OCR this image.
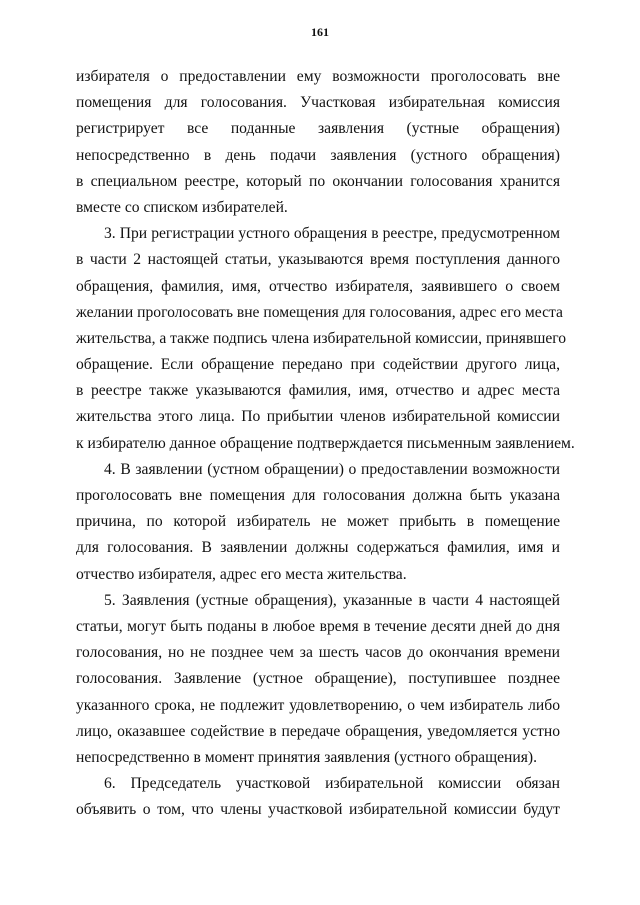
161
избирателя о предоставлении ему возможности проголосовать вне
помещения для голосования. Участковая избирательная комиссия
регистрирует все поданные заявления (устные обращения)
непосредственно в день подачи заявления (устного обращения)
в специальном реестре, который по окончании голосования хранится
вместе со списком избирателей.
3. При регистрации устного обращения в реестре, предусмотренном
в части 2 настоящей статьи, указываются время поступления данного
обращения, фамилия, имя, отчество избирателя, заявившего о своем
желании проголосовать вне помещения для голосования, адрес его места
жительства, а также подпись члена избирательной комиссии, принявшего
обращение. Если обращение передано при содействии другого лица,
в реестре также указываются фамилия, имя, отчество и адрес места
жительства этого лица. По прибытии членов избирательной комиссии
к избирателю данное обращение подтверждается письменным заявлением.
4. В заявлении (устном обращении) о предоставлении возможности
проголосовать вне помещения для голосования должна быть указана
причина, по которой избиратель не может прибыть в помещение
для голосования. В заявлении должны содержаться фамилия, имя и
отчество избирателя, адрес его места жительства.
5. Заявления (устные обращения), указанные в части 4 настоящей
статьи, могут быть поданы в любое время в течение десяти дней до дня
голосования, но не позднее чем за шесть часов до окончания времени
голосования. Заявление (устное обращение), поступившее позднее
указанного срока, не подлежит удовлетворению, о чем избиратель либо
лицо, оказавшее содействие в передаче обращения, уведомляется устно
непосредственно в момент принятия заявления (устного обращения).
6. Председатель участковой избирательной комиссии обязан
объявить о том, что члены участковой избирательной комиссии будут
